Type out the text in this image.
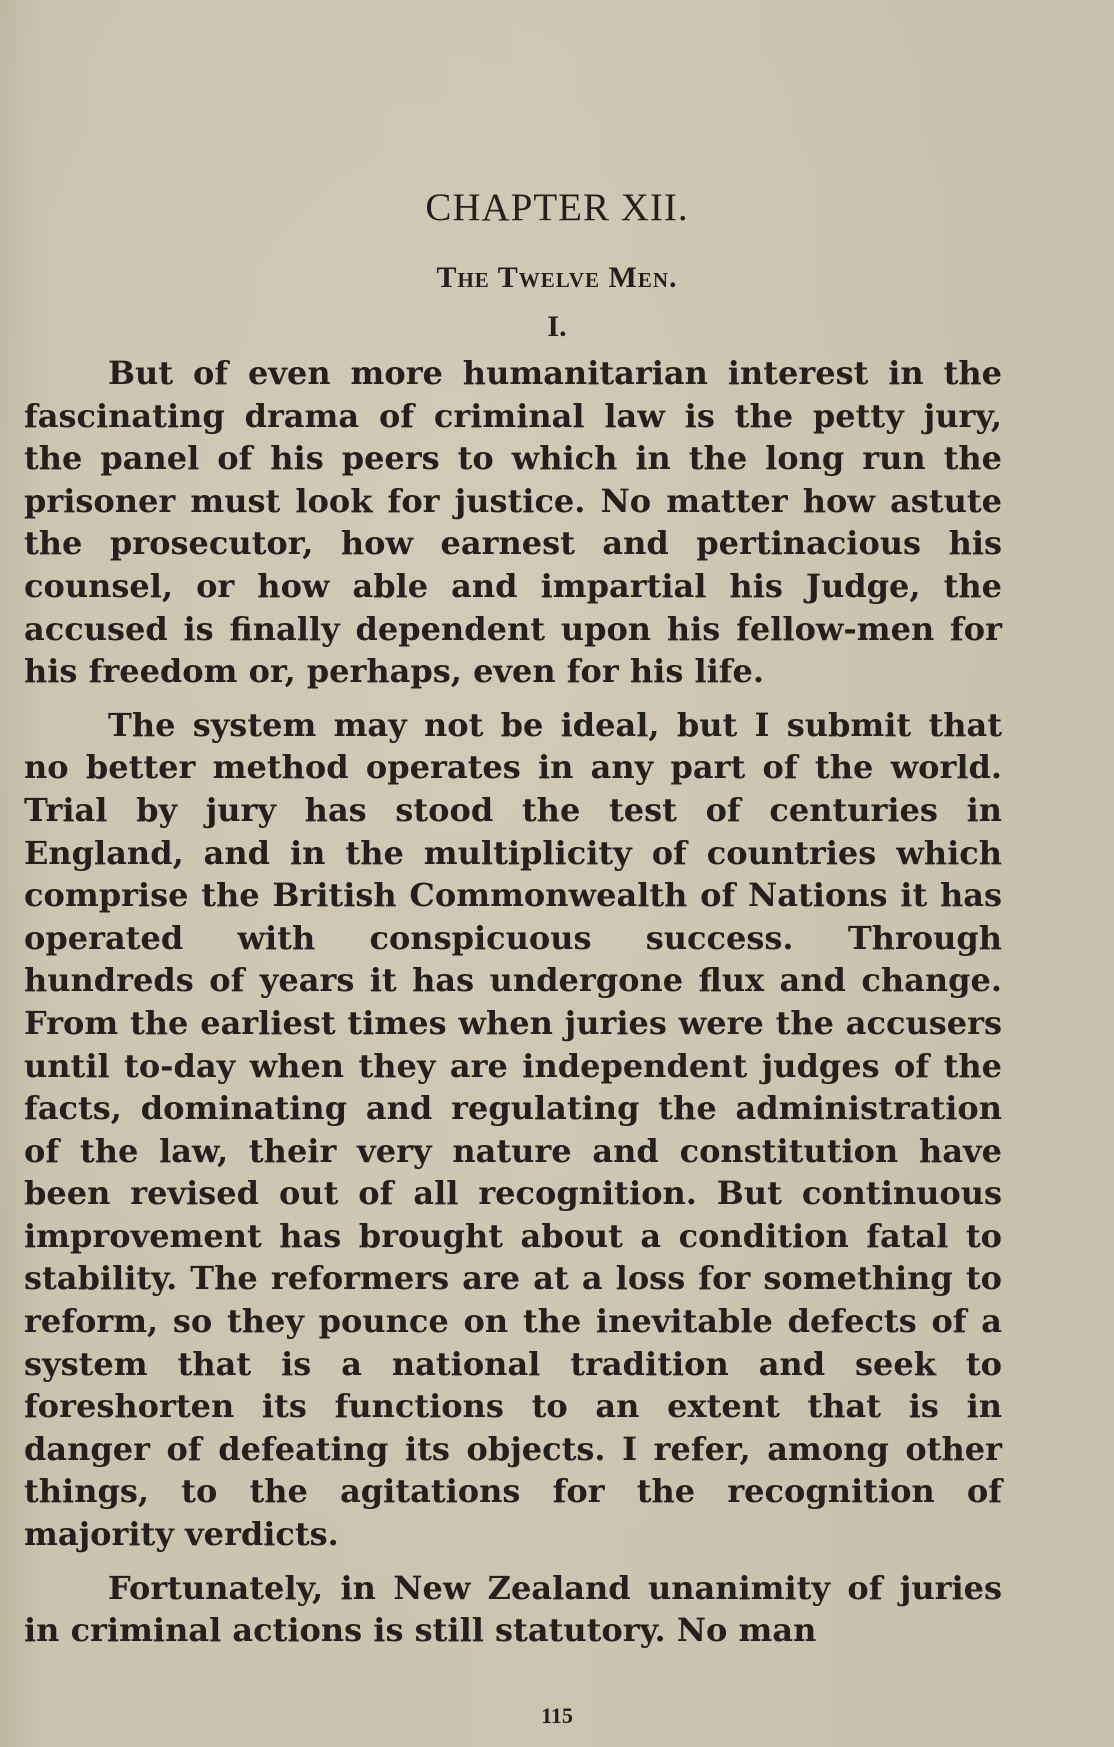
CHAPTER XII.
The Twelve Men.
I.

But of even more humanitarian interest in the fascinating drama of criminal law is the petty jury, the panel of his peers to which in the long run the prisoner must look for justice. No matter how astute the prosecutor, how earnest and pertinacious his counsel, or how able and impartial his Judge, the accused is finally dependent upon his fellow-men for his freedom or, perhaps, even for his life.

The system may not be ideal, but I submit that no better method operates in any part of the world. Trial by jury has stood the test of centuries in England, and in the multiplicity of countries which comprise the British Commonwealth of Nations it has operated with conspicuous success. Through hundreds of years it has undergone flux and change. From the earliest times when juries were the accusers until to-day when they are independent judges of the facts, dominating and regulating the administration of the law, their very nature and constitution have been revised out of all recognition. But continuous improvement has brought about a condition fatal to stability. The reformers are at a loss for something to reform, so they pounce on the inevitable defects of a system that is a national tradition and seek to foreshorten its functions to an extent that is in danger of defeating its objects. I refer, among other things, to the agitations for the recognition of majority verdicts.

Fortunately, in New Zealand unanimity of juries in criminal actions is still statutory. No man

115
